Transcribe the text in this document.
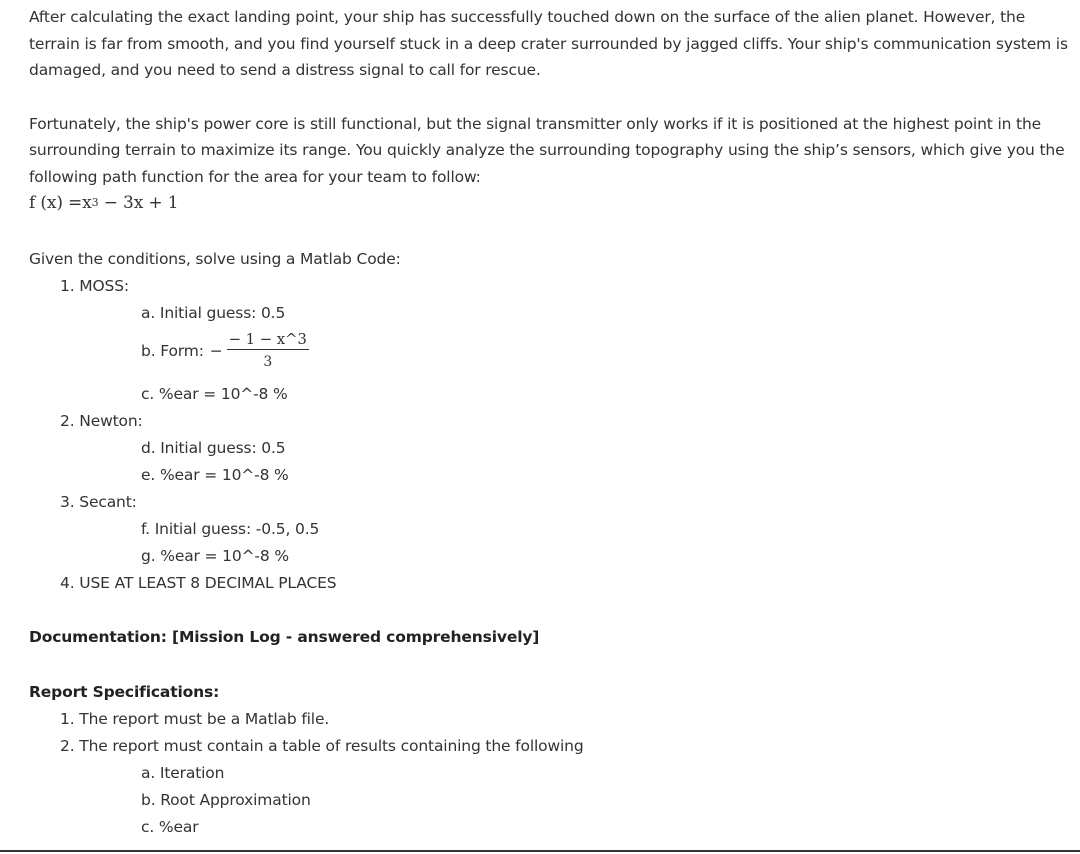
After calculating the exact landing point, your ship has successfully touched down on the surface of the alien planet. However, the terrain is far from smooth, and you find yourself stuck in a deep crater surrounded by jagged cliffs. Your ship's communication system is damaged, and you need to send a distress signal to call for rescue.

Fortunately, the ship's power core is still functional, but the signal transmitter only works if it is positioned at the highest point in the surrounding terrain to maximize its range. You quickly analyze the surrounding topography using the ship’s sensors, which give you the following path function for the area for your team to follow:

f $(x) =x^3 - 3x + 1$

Given the conditions, solve using a Matlab Code:

1. MOSS:
a. Initial guess: 0.5
b. Form: − $\frac{- 1 - x\^{}3}{3}$
c. %ear = 10^-8 %
2. Newton:
d. Initial guess: 0.5
e. %ear = 10^-8 %
3. Secant:
f. Initial guess: -0.5, 0.5
g. %ear = 10^-8 %
4. USE AT LEAST 8 DECIMAL PLACES

Documentation: [Mission Log - answered comprehensively]

Report Specifications:

1. The report must be a Matlab file.
2. The report must contain a table of results containing the following
a. Iteration
b. Root Approximation
c. %ear
